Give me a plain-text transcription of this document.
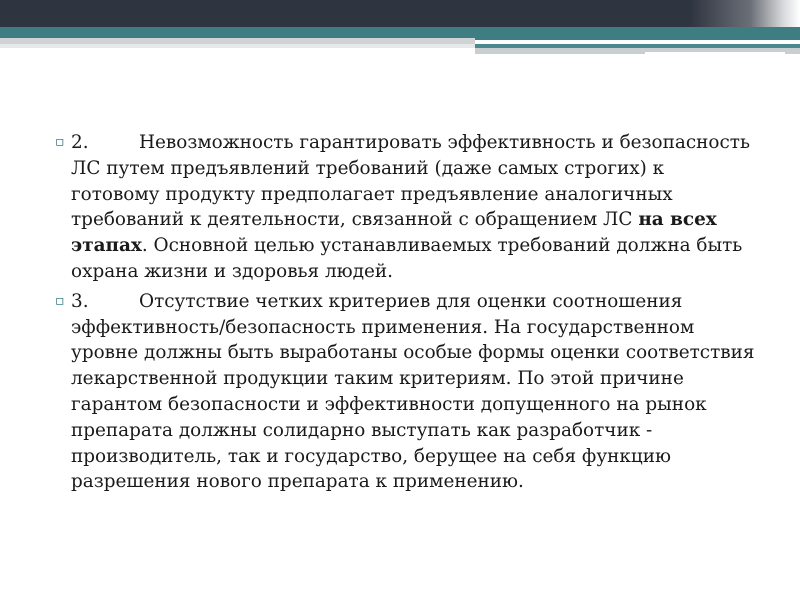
▫ 2.	Невозможность гарантировать эффективность и безопасность ЛС путем предъявлений требований (даже самых строгих) к готовому продукту предполагает предъявление аналогичных требований к деятельности, связанной с обращением ЛС на всех этапах. Основной целью устанавливаемых требований должна быть охрана жизни и здоровья людей.
▫ 3.	Отсутствие четких критериев для оценки соотношения эффективность/безопасность применения. На государственном уровне должны быть выработаны особые формы оценки соответствия лекарственной продукции таким критериям. По этой причине гарантом безопасности и эффективности допущенного на рынок препарата должны солидарно выступать как разработчик - производитель, так и государство, берущее на себя функцию разрешения нового препарата к применению.
